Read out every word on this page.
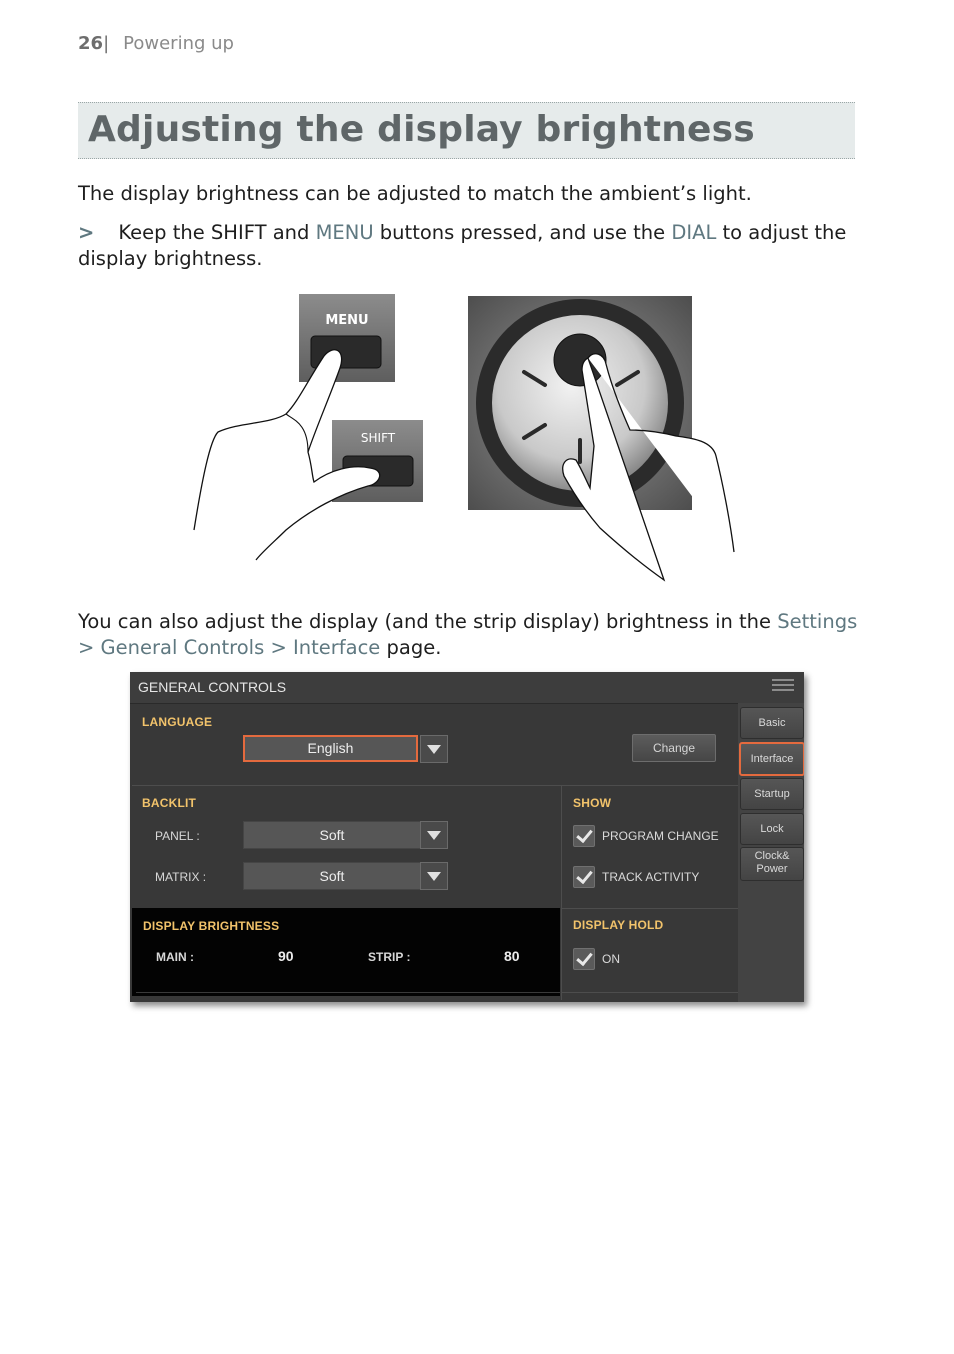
26| Powering up
Adjusting the display brightness
The display brightness can be adjusted to match the ambient’s light.
> Keep the SHIFT and MENU buttons pressed, and use the DIAL to adjust the display brightness.
MENU
SHIFT
You can also adjust the display (and the strip display) brightness in the Settings
> General Controls > Interface page.
GENERAL CONTROLS
LANGUAGE
English	Change
BACKLIT
PANEL :	Soft
MATRIX :	Soft
SHOW
PROGRAM CHANGE
TRACK ACTIVITY
DISPLAY BRIGHTNESS
MAIN :	90	STRIP :	80
DISPLAY HOLD
ON
Basic
Interface
Startup
Lock
Clock&
Power
